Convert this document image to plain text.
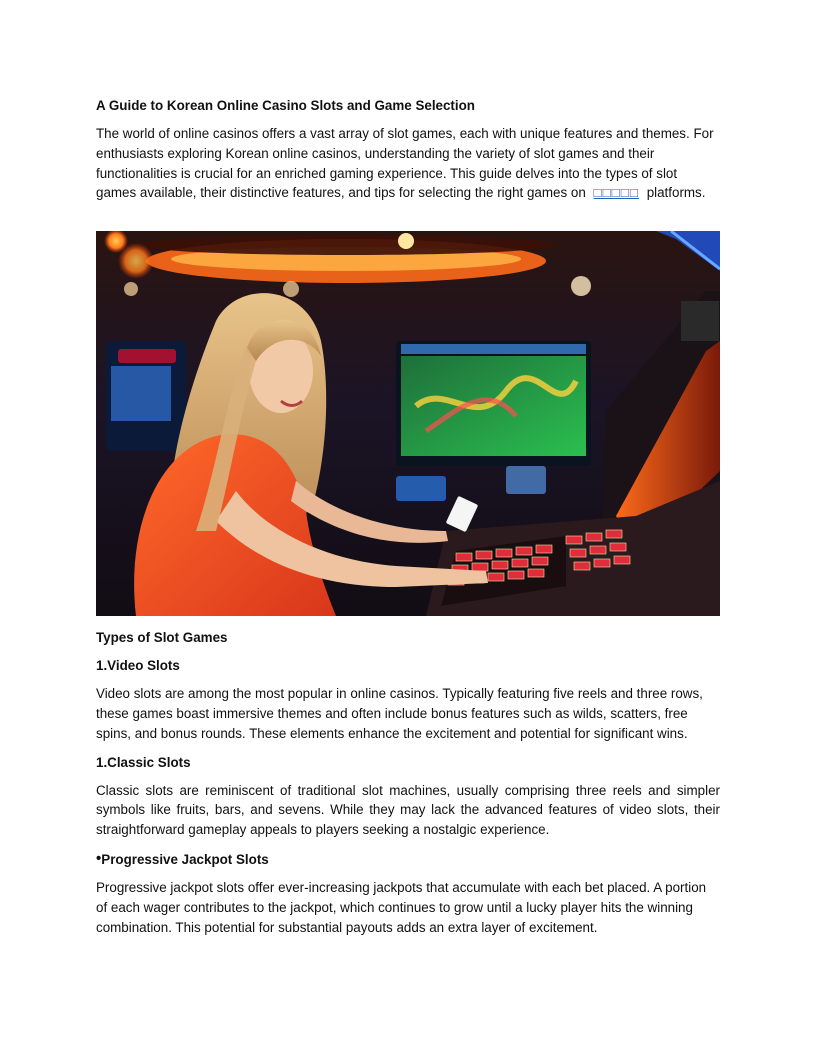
A Guide to Korean Online Casino Slots and Game Selection

The world of online casinos offers a vast array of slot games, each with unique features and themes. For enthusiasts exploring Korean online casinos, understanding the variety of slot games and their functionalities is crucial for an enriched gaming experience. This guide delves into the types of slot games available, their distinctive features, and tips for selecting the right games on □□□□□ platforms.

Types of Slot Games
1.Video Slots

Video slots are among the most popular in online casinos. Typically featuring five reels and three rows, these games boast immersive themes and often include bonus features such as wilds, scatters, free spins, and bonus rounds. These elements enhance the excitement and potential for significant wins.

1.Classic Slots

Classic slots are reminiscent of traditional slot machines, usually comprising three reels and simpler symbols like fruits, bars, and sevens. While they may lack the advanced features of video slots, their straightforward gameplay appeals to players seeking a nostalgic experience.

•Progressive Jackpot Slots

Progressive jackpot slots offer ever-increasing jackpots that accumulate with each bet placed. A portion of each wager contributes to the jackpot, which continues to grow until a lucky player hits the winning combination. This potential for substantial payouts adds an extra layer of excitement.
